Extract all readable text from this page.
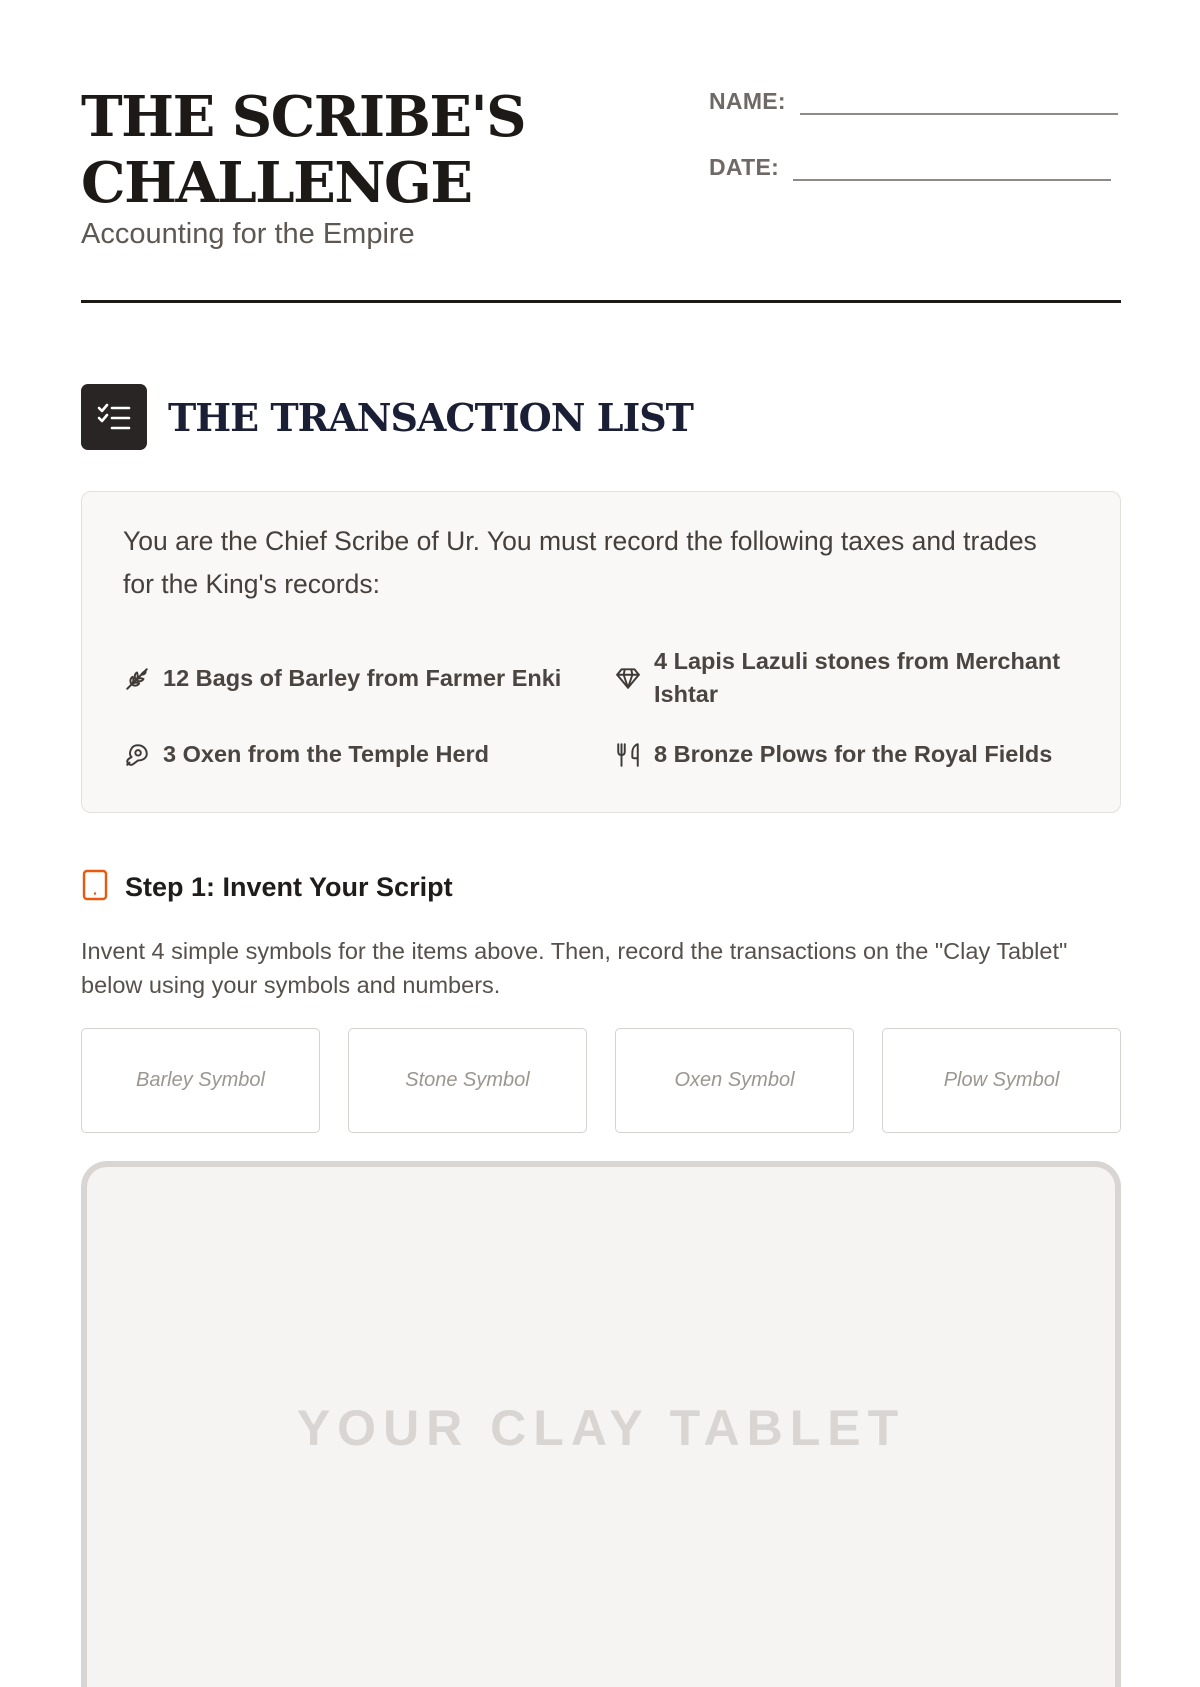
THE SCRIBE'S
CHALLENGE
Accounting for the Empire
NAME:
DATE:
THE TRANSACTION LIST

You are the Chief Scribe of Ur. You must record the following taxes and trades for the King's records:

12 Bags of Barley from Farmer Enki
4 Lapis Lazuli stones from Merchant Ishtar
3 Oxen from the Temple Herd	8 Bronze Plows for the Royal Fields
Step 1: Invent Your Script

Invent 4 simple symbols for the items above. Then, record the transactions on the "Clay Tablet" below using your symbols and numbers.

Barley Symbol	Stone Symbol	Oxen Symbol	Plow Symbol
YOUR CLAY TABLET
